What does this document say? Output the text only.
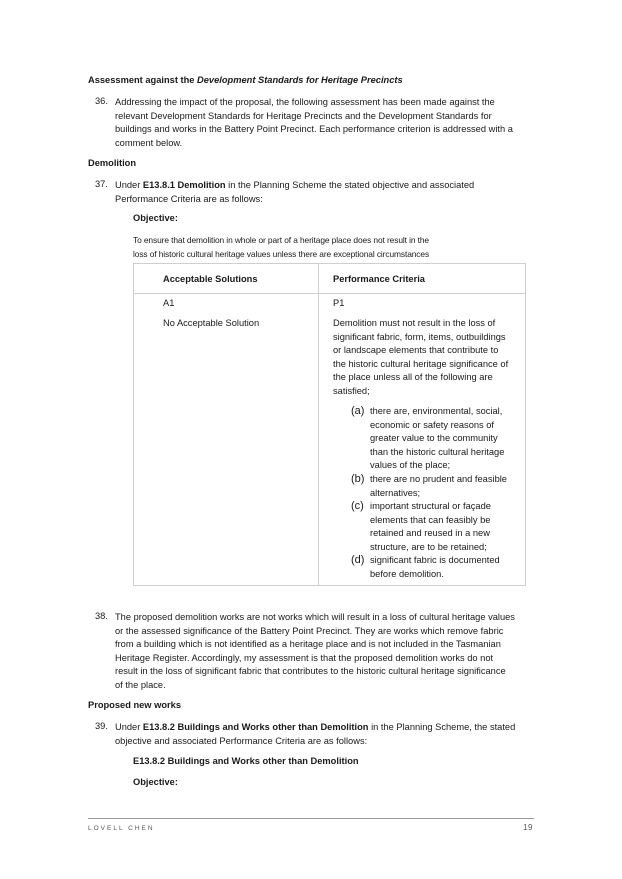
Assessment against the Development Standards for Heritage Precincts
36. Addressing the impact of the proposal, the following assessment has been made against the
relevant Development Standards for Heritage Precincts and the Development Standards for
buildings and works in the Battery Point Precinct. Each performance criterion is addressed with a
comment below.
Demolition
37. Under E13.8.1 Demolition in the Planning Scheme the stated objective and associated
Performance Criteria are as follows:
Objective:
To ensure that demolition in whole or part of a heritage place does not result in the
loss of historic cultural heritage values unless there are exceptional circumstances
Acceptable Solutions	Performance Criteria
A1	P1
No Acceptable Solution	Demolition must not result in the loss of
significant fabric, form, items, outbuildings
or landscape elements that contribute to
the historic cultural heritage significance of
the place unless all of the following are
satisfied;
(a) there are, environmental, social,
economic or safety reasons of
greater value to the community
than the historic cultural heritage
values of the place;
(b) there are no prudent and feasible
alternatives;
(c) important structural or façade
elements that can feasibly be
retained and reused in a new
structure, are to be retained;
(d) significant fabric is documented
before demolition.
38. The proposed demolition works are not works which will result in a loss of cultural heritage values
or the assessed significance of the Battery Point Precinct. They are works which remove fabric
from a building which is not identified as a heritage place and is not included in the Tasmanian
Heritage Register. Accordingly, my assessment is that the proposed demolition works do not
result in the loss of significant fabric that contributes to the historic cultural heritage significance
of the place.
Proposed new works
39. Under E13.8.2 Buildings and Works other than Demolition in the Planning Scheme, the stated
objective and associated Performance Criteria are as follows:
E13.8.2 Buildings and Works other than Demolition
Objective:
LOVELL CHEN	19
